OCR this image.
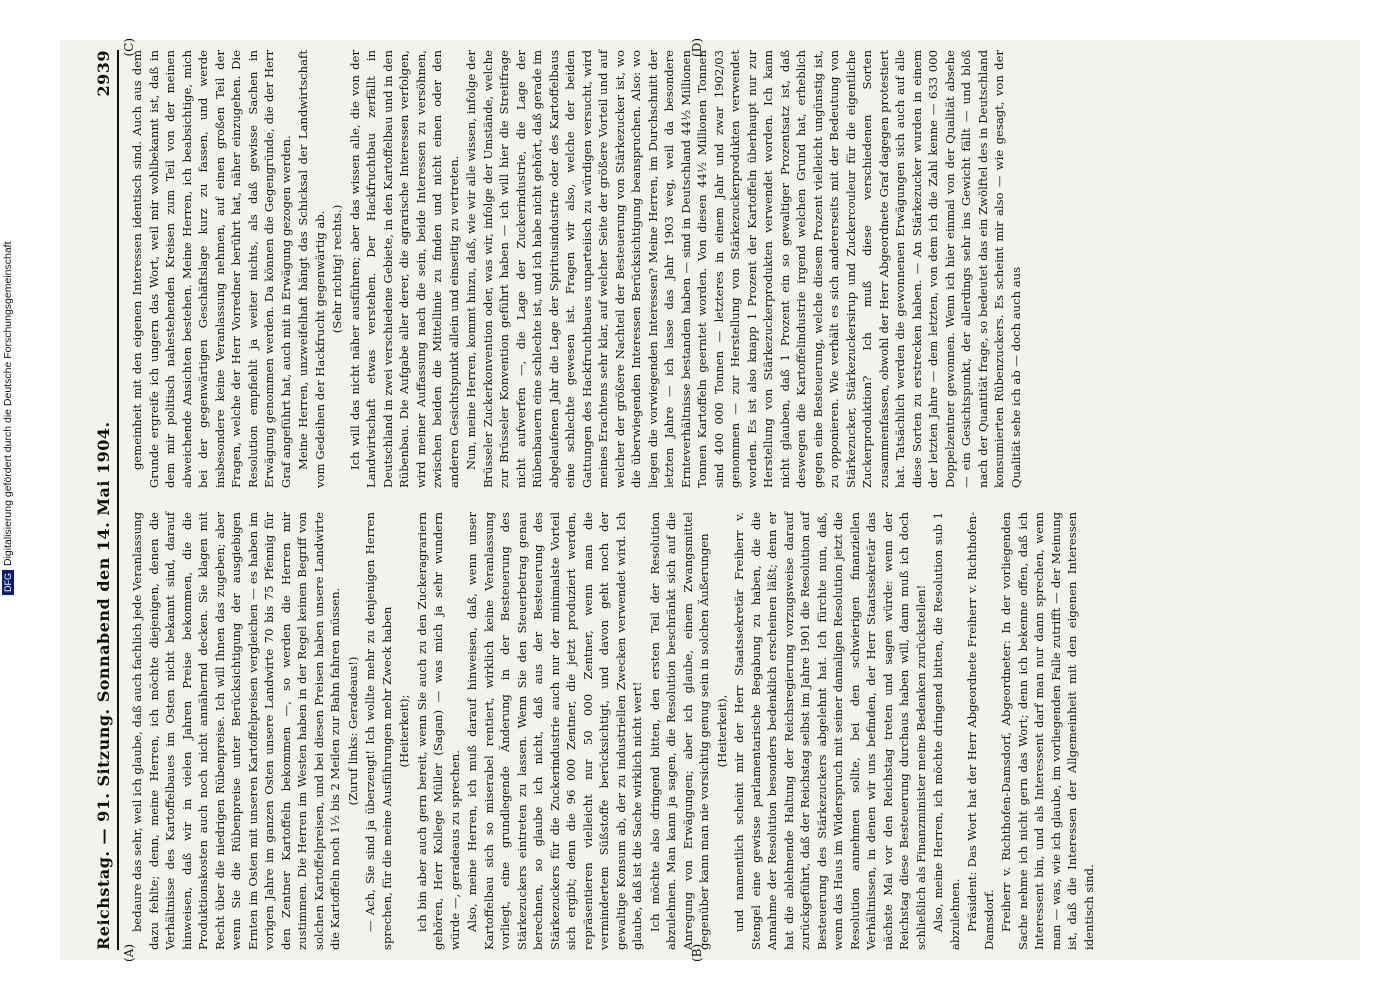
Reichstag. — 91. Sitzung. Sonnabend den 14. Mai 1904.
2939

bedaure das sehr, weil ich glaube, daß auch fachlich jede Veranlassung dazu fehlte; denn, meine Herren, ich möchte diejenigen, denen die Verhältnisse des Kartoffelbaues im Osten nicht bekannt sind, darauf hinweisen, daß wir in vielen Jahren Preise bekommen, die die Produktionskosten auch noch nicht annähernd decken. Sie klagen mit Recht über die niedrigen Rübenpreise. Ich will Ihnen das zugeben; aber wenn Sie die Rübenpreise unter Berücksichtigung der ausgiebigen Ernten im Osten mit unseren Kartoffelpreisen vergleichen — es haben im vorigen Jahre im ganzen Osten unsere Landwirte 70 bis 75 Pfennig für den Zentner Kartoffeln bekommen —, so werden die Herren mir zustimmen. Die Herren im Westen haben in der Regel keinen Begriff von solchen Kartoffelpreisen, und bei diesen Preisen haben unsere Landwirte die Kartoffeln noch 1½ bis 2 Meilen zur Bahn fahren müssen. (Zuruf links: Geradeaus!) — Ach, Sie sind ja überzeugt! Ich wollte mehr zu denjenigen Herren sprechen, für die meine Ausführungen mehr Zweck haben (Heiterkeit); ich bin aber auch gern bereit, wenn Sie auch zu den Zuckeragrariern gehören, Herr Kollege Müller (Sagan) — was mich ja sehr wundern würde —, geradeaus zu sprechen. Also, meine Herren, ich muß darauf hinweisen, daß, wenn unser Kartoffelbau sich so miserabel rentiert, wirklich keine Veranlassung vorliegt, eine grundlegende Änderung in der Besteuerung des Stärkezuckers eintreten zu lassen. Wenn Sie den Steuerbetrag genau berechnen, so glaube ich nicht, daß aus der Besteuerung des Stärkezuckers für die Zuckerindustrie auch nur der minimalste Vorteil sich ergibt; denn die 96 000 Zentner, die jetzt produziert werden, repräsentieren vielleicht nur 50 000 Zentner, wenn man die vermindertem Süßstoffe berücksichtigt, und davon geht noch der gewaltige Konsum ab, der zu industriellen Zwecken verwendet wird. Ich glaube, daß ist die Sache wirklich nicht wert! Ich möchte also dringend bitten, den ersten Teil der Resolution abzulehnen. Man kann ja sagen, die Resolution beschränkt sich auf die Anregung von Erwägungen; aber ich glaube, einem Zwangsmittel gegenüber kann man nie vorsichtig genug sein in solchen Äußerungen (Heiterkeit), und namentlich scheint mir der Herr Staatssekretär Freiherr v. Stengel eine gewisse parlamentarische Begabung zu haben, die die Annahme der Resolution besonders bedenklich erscheinen läßt; denn er hat die ablehnende Haltung der Reichsregierung vorzugsweise darauf zurückgeführt, daß der Reichstag selbst im Jahre 1901 die Resolution auf Besteuerung des Stärkezuckers abgelehnt hat. Ich fürchte nun, daß, wenn das Haus im Widerspruch mit seiner damaligen Resolution jetzt die Resolution annehmen sollte, bei den schwierigen finanziellen Verhältnissen, in denen wir uns befinden, der Herr Staatssekretär das nächste Mal vor den Reichstag treten und sagen würde: wenn der Reichstag diese Besteuerung durchaus haben will, dann muß ich doch schließlich als Finanzminister meine Bedenken zurückstellen! Also, meine Herren, ich möchte dringend bitten, die Resolution sub 1 abzulehnen. Präsident: Das Wort hat der Herr Abgeordnete Freiherr v. Richthofen-Damsdorf. Freiherr v. Richthofen-Damsdorf, Abgeordneter: In der vorliegenden Sache nehme ich nicht gern das Wort; denn ich bekenne offen, daß ich Interessent bin, und als Interessent darf man nur dann sprechen, wenn man — was, wie ich glaube, im vorliegenden Falle zutrifft — der Meinung ist, daß die Interessen der Allgemeinheit mit den eigenen Interessen identisch sind.

gemeinheit mit den eigenen Interessen identisch sind. Auch aus dem Grunde ergreife ich ungern das Wort, weil mir wohlbekannt ist, daß in dem mir politisch nahestehenden Kreisen zum Teil von der meinen abweichende Ansichten bestehen. Meine Herren, ich beabsichtige, mich bei der gegenwärtigen Geschäftslage kurz zu fassen, und werde insbesondere keine Veranlassung nehmen, auf einen großen Teil der Fragen, welche der Herr Vorredner berührt hat, näher einzugehen. Die Resolution empfiehlt ja weiter nichts, als daß gewisse Sachen in Erwägung genommen werden. Da können die Gegengründe, die der Herr Graf angeführt hat, auch mit in Erwägung gezogen werden. Meine Herren, unzweifelhaft hängt das Schicksal der Landwirtschaft vom Gedeihen der Hackfrucht gegenwärtig ab. (Sehr richtig! rechts.) Ich will das nicht näher ausführen; aber das wissen alle, die von der Landwirtschaft etwas verstehen. Der Hackfruchtbau zerfällt in Deutschland in zwei verschiedene Gebiete, in den Kartoffelbau und in den Rübenbau. Die Aufgabe aller derer, die agrarische Interessen verfolgen, wird meiner Auffassung nach die sein, beide Interessen zu versöhnen, zwischen beiden die Mittellinie zu finden und nicht einen oder den anderen Gesichtspunkt allein und einseitig zu vertreten. Nun, meine Herren, kommt hinzu, daß, wie wir alle wissen, infolge der Brüsseler Zuckerkonvention oder, was wir, infolge der Umstände, welche zur Brüsseler Konvention geführt haben — ich will hier die Streitfrage nicht aufwerfen —, die Lage der Zuckerindustrie, die Lage der Rübenbauern eine schlechte ist, und ich habe nicht gehört, daß gerade im abgelaufenen Jahr die Lage der Spiritusindustrie oder des Kartoffelbaus eine schlechte gewesen ist. Fragen wir also, welche der beiden Gattungen des Hackfruchtbaues unparteiisch zu würdigen versucht, wird meines Erachtens sehr klar, auf welcher Seite der größere Vorteil und auf welcher der größere Nachteil der Besteuerung von Stärkezucker ist, wo die überwiegenden Interessen Berücksichtigung beanspruchen. Also: wo liegen die vorwiegenden Interessen? Meine Herren, im Durchschnitt der letzten Jahre — ich lasse das Jahr 1903 weg, weil da besondere Ernteverhältnisse bestanden haben — sind in Deutschland 44½ Millionen Tonnen Kartoffeln geerntet worden. Von diesen 44½ Millionen Tonnen sind 400 000 Tonnen — letzteres in einem Jahr und zwar 1902/03 genommen — zur Herstellung von Stärkezuckerprodukten verwendet worden. Es ist also knapp 1 Prozent der Kartoffeln überhaupt nur zur Herstellung von Stärkezuckerprodukten verwendet worden. Ich kann nicht glauben, daß 1 Prozent ein so gewaltiger Prozentsatz ist, daß deswegen die Kartoffelindustrie irgend welchen Grund hat, erheblich gegen eine Besteuerung, welche diesem Prozent vielleicht ungünstig ist, zu opponieren. Wie verhält es sich andererseits mit der Bedeutung von Stärkezucker, Stärkezuckersirup und Zuckercouleur für die eigentliche Zuckerproduktion? Ich muß diese verschiedenen Sorten zusammenfassen, obwohl der Herr Abgeordnete Graf dagegen protestiert hat. Tatsächlich werden die gewonnenen Erwägungen sich auch auf alle diese Sorten zu erstrecken haben. — An Stärkezucker wurden in einem der letzten Jahre — dem letzten, von dem ich die Zahl kenne — 633 000 Doppelzentner gewonnen. Wenn ich hier einmal von der Qualität absehe — ein Gesichtspunkt, der allerdings sehr ins Gewicht fällt — und bloß nach der Quantität frage, so bedeutet das ein Zwölftel des in Deutschland konsumierten Rübenzuckers. Es scheint mir also — wie gesagt, von der Qualität sehe ich ab — doch auch aus

(A)	(B)
(C)	(D)
DFGDigitalisierung gefördert durch die Deutsche Forschungsgemeinschaft
